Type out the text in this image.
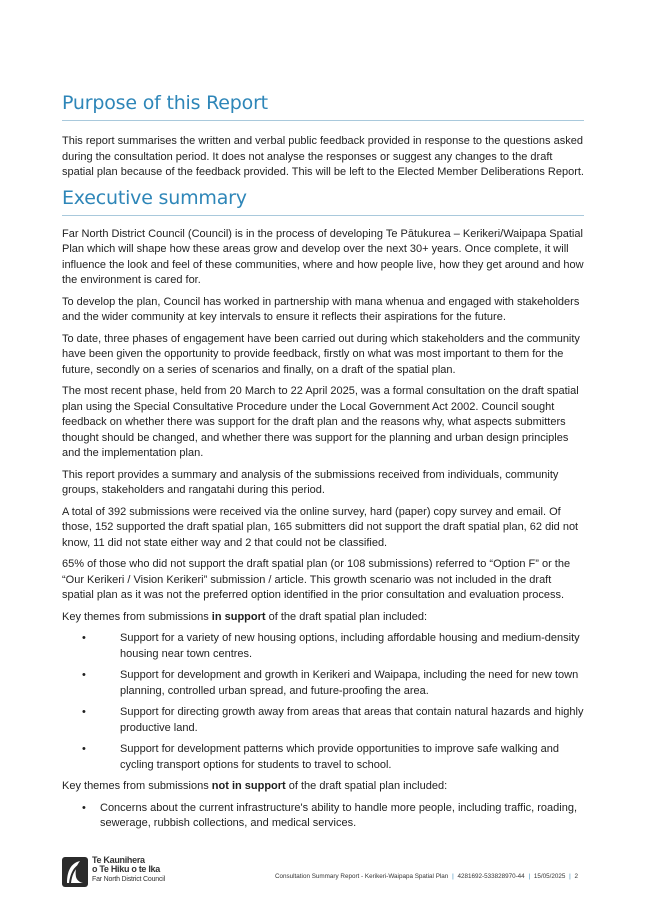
Purpose of this Report

This report summarises the written and verbal public feedback provided in response to the questions asked during the consultation period. It does not analyse the responses or suggest any changes to the draft spatial plan because of the feedback provided. This will be left to the Elected Member Deliberations Report.

Executive summary

Far North District Council (Council) is in the process of developing Te Pātukurea – Kerikeri/Waipapa Spatial Plan which will shape how these areas grow and develop over the next 30+ years. Once complete, it will influence the look and feel of these communities, where and how people live, how they get around and how the environment is cared for.

To develop the plan, Council has worked in partnership with mana whenua and engaged with stakeholders and the wider community at key intervals to ensure it reflects their aspirations for the future.

To date, three phases of engagement have been carried out during which stakeholders and the community have been given the opportunity to provide feedback, firstly on what was most important to them for the future, secondly on a series of scenarios and finally, on a draft of the spatial plan.

The most recent phase, held from 20 March to 22 April 2025, was a formal consultation on the draft spatial plan using the Special Consultative Procedure under the Local Government Act 2002. Council sought feedback on whether there was support for the draft plan and the reasons why, what aspects submitters thought should be changed, and whether there was support for the planning and urban design principles and the implementation plan.

This report provides a summary and analysis of the submissions received from individuals, community groups, stakeholders and rangatahi during this period.

A total of 392 submissions were received via the online survey, hard (paper) copy survey and email. Of those, 152 supported the draft spatial plan, 165 submitters did not support the draft spatial plan, 62 did not know, 11 did not state either way and 2 that could not be classified.

65% of those who did not support the draft spatial plan (or 108 submissions) referred to “Option F” or the “Our Kerikeri / Vision Kerikeri” submission / article. This growth scenario was not included in the draft spatial plan as it was not the preferred option identified in the prior consultation and evaluation process.

Key themes from submissions in support of the draft spatial plan included:

•	Support for a variety of new housing options, including affordable housing and medium-density housing near town centres.
•	Support for development and growth in Kerikeri and Waipapa, including the need for new town planning, controlled urban spread, and future-proofing the area.
•	Support for directing growth away from areas that areas that contain natural hazards and highly productive land.
•	Support for development patterns which provide opportunities to improve safe walking and cycling transport options for students to travel to school.

Key themes from submissions not in support of the draft spatial plan included:

• Concerns about the current infrastructure's ability to handle more people, including traffic, roading, sewerage, rubbish collections, and medical services.
Te Kaunihera
o Te Hiku o te Ika
Far North District Council	Consultation Summary Report - Kerikeri-Waipapa Spatial Plan | 4281692-533828970-44 | 15/05/2025 | 2
